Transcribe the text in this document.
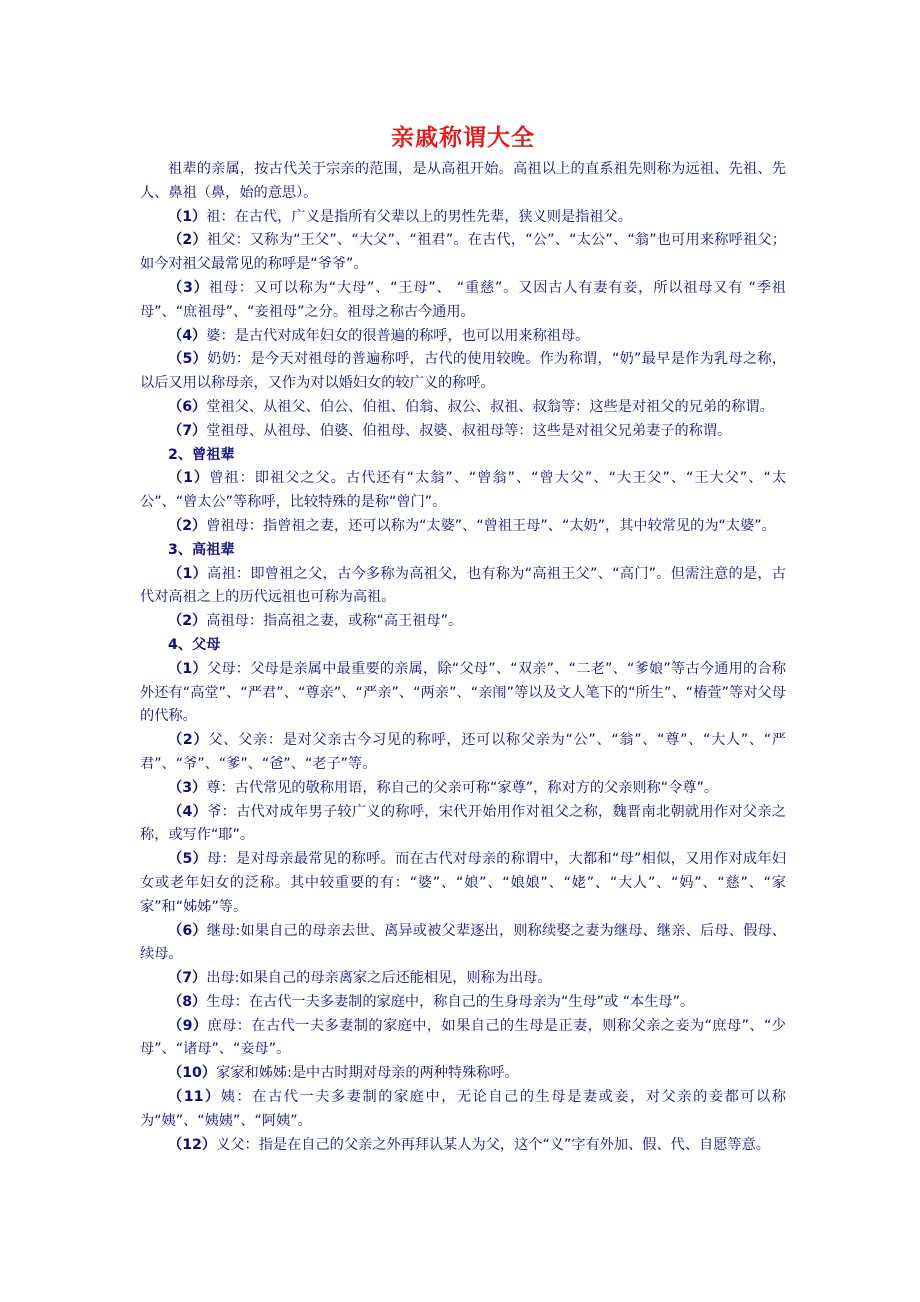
亲戚称谓大全

祖辈的亲属，按古代关于宗亲的范围，是从高祖开始。高祖以上的直系祖先则称为远祖、先祖、先人、鼻祖（鼻，始的意思）。

（1）祖：在古代，广义是指所有父辈以上的男性先辈，狭义则是指祖父。

（2）祖父：又称为“王父”、“大父”、“祖君”。在古代，“公”、“太公”、“翁”也可用来称呼祖父；如今对祖父最常见的称呼是“爷爷”。

（3）祖母：又可以称为“大母”、“王母”、 “重慈”。又因古人有妻有妾，所以祖母又有 “季祖母”、“庶祖母”、“妾祖母”之分。祖母之称古今通用。

（4）婆：是古代对成年妇女的很普遍的称呼，也可以用来称祖母。

（5）奶奶：是今天对祖母的普遍称呼，古代的使用较晚。作为称谓，“奶”最早是作为乳母之称，以后又用以称母亲，又作为对以婚妇女的较广义的称呼。

（6）堂祖父、从祖父、伯公、伯祖、伯翁、叔公、叔祖、叔翁等：这些是对祖父的兄弟的称谓。

（7）堂祖母、从祖母、伯婆、伯祖母、叔婆、叔祖母等：这些是对祖父兄弟妻子的称谓。

2、曾祖辈

（1）曾祖：即祖父之父。古代还有“太翁”、“曾翁”、“曾大父”、“大王父”、“王大父”、“太公”、“曾太公”等称呼，比较特殊的是称“曾门”。

（2）曾祖母：指曾祖之妻，还可以称为“太婆”、“曾祖王母”、“太奶”，其中较常见的为“太婆”。

3、高祖辈

（1）高祖：即曾祖之父，古今多称为高祖父，也有称为“高祖王父”、“高门”。但需注意的是，古代对高祖之上的历代远祖也可称为高祖。

（2）高祖母：指高祖之妻，或称“高王祖母”。

4、父母

（1）父母：父母是亲属中最重要的亲属，除“父母”、“双亲”、“二老”、“爹娘”等古今通用的合称外还有“高堂”、“严君”、“尊亲”、“严亲”、“两亲”、“亲闱”等以及文人笔下的“所生”、“椿萱”等对父母的代称。

（2）父、父亲：是对父亲古今习见的称呼，还可以称父亲为“公”、“翁”、“尊”、“大人”、“严君”、“爷”、“爹”、“爸”、“老子”等。

（3）尊：古代常见的敬称用语，称自己的父亲可称“家尊”，称对方的父亲则称“令尊”。

（4）爷：古代对成年男子较广义的称呼，宋代开始用作对祖父之称，魏晋南北朝就用作对父亲之称，或写作“耶”。

（5）母：是对母亲最常见的称呼。而在古代对母亲的称谓中，大都和“母”相似，又用作对成年妇女或老年妇女的泛称。其中较重要的有：“婆”、“娘”、“娘娘”、“姥”、“大人”、“妈”、“慈”、“家家”和“姊姊”等。

（6）继母:如果自己的母亲去世、离异或被父辈逐出，则称续娶之妻为继母、继亲、后母、假母、续母。

（7）出母:如果自己的母亲离家之后还能相见，则称为出母。

（8）生母：在古代一夫多妻制的家庭中，称自己的生身母亲为“生母”或 “本生母”。

（9）庶母：在古代一夫多妻制的家庭中，如果自己的生母是正妻，则称父亲之妾为“庶母”、“少母”、“诸母”、“妾母”。

（10）家家和姊姊:是中古时期对母亲的两种特殊称呼。

（11）姨：在古代一夫多妻制的家庭中，无论自己的生母是妻或妾，对父亲的妾都可以称为“姨”、“姨姨”、“阿姨”。

（12）义父：指是在自己的父亲之外再拜认某人为父，这个“义”字有外加、假、代、自愿等意。
